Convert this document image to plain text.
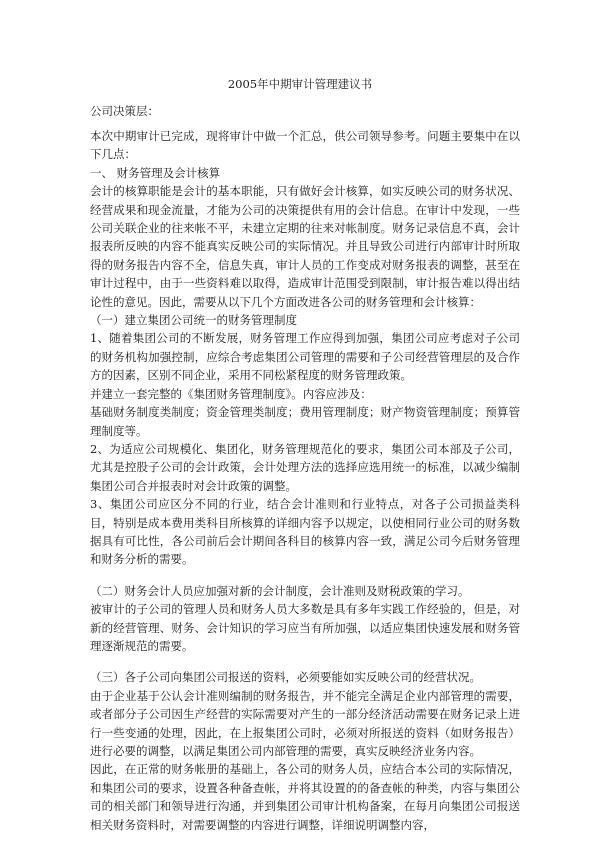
2005年中期审计管理建议书
公司决策层：

本次中期审计已完成，现将审计中做一个汇总，供公司领导参考。问题主要集中在以下几点：

一、 财务管理及会计核算

会计的核算职能是会计的基本职能，只有做好会计核算，如实反映公司的财务状况、经营成果和现金流量，才能为公司的决策提供有用的会计信息。在审计中发现，一些公司关联企业的往来帐不平，未建立定期的往来对帐制度。财务记录信息不真，会计报表所反映的内容不能真实反映公司的实际情况。并且导致公司进行内部审计时所取得的财务报告内容不全，信息失真，审计人员的工作变成对财务报表的调整，甚至在审计过程中，由于一些资料难以取得，造成审计范围受到限制，审计报告难以得出结论性的意见。因此，需要从以下几个方面改进各公司的财务管理和会计核算：

（一）建立集团公司统一的财务管理制度

1、随着集团公司的不断发展，财务管理工作应得到加强，集团公司应考虑对子公司的财务机构加强控制，应综合考虑集团公司管理的需要和子公司经营管理层的及合作方的因素，区别不同企业，采用不同松紧程度的财务管理政策。

并建立一套完整的《集团财务管理制度》。内容应涉及：

基础财务制度类制度；资金管理类制度；费用管理制度；财产物资管理制度；预算管理制度等。

2、为适应公司规模化、集团化，财务管理规范化的要求，集团公司本部及子公司，尤其是控股子公司的会计政策，会计处理方法的选择应选用统一的标准，以减少编制集团公司合并报表时对会计政策的调整。

3、集团公司应区分不同的行业，结合会计准则和行业特点，对各子公司损益类科目，特别是成本费用类科目所核算的详细内容予以规定，以使相同行业公司的财务数据具有可比性，各公司前后会计期间各科目的核算内容一致，满足公司今后财务管理和财务分析的需要。

（二）财务会计人员应加强对新的会计制度，会计准则及财税政策的学习。

被审计的子公司的管理人员和财务人员大多数是具有多年实践工作经验的，但是，对新的经营管理、财务、会计知识的学习应当有所加强，以适应集团快速发展和财务管理逐渐规范的需要。

（三）各子公司向集团公司报送的资料，必须要能如实反映公司的经营状况。

由于企业基于公认会计准则编制的财务报告，并不能完全满足企业内部管理的需要，或者部分子公司因生产经营的实际需要对产生的一部分经济活动需要在财务记录上进行一些变通的处理，因此，在上报集团公司时，必须对所报送的资料（如财务报告）进行必要的调整，以满足集团公司内部管理的需要，真实反映经济业务内容。

因此，在正常的财务帐册的基础上，各公司的财务人员，应结合本公司的实际情况，和集团公司的要求，设置各种备查帐，并将其设置的的备查帐的种类，内容与集团公司的相关部门和领导进行沟通，并到集团公司审计机构备案，在每月向集团公司报送相关财务资料时，对需要调整的内容进行调整，详细说明调整内容，
